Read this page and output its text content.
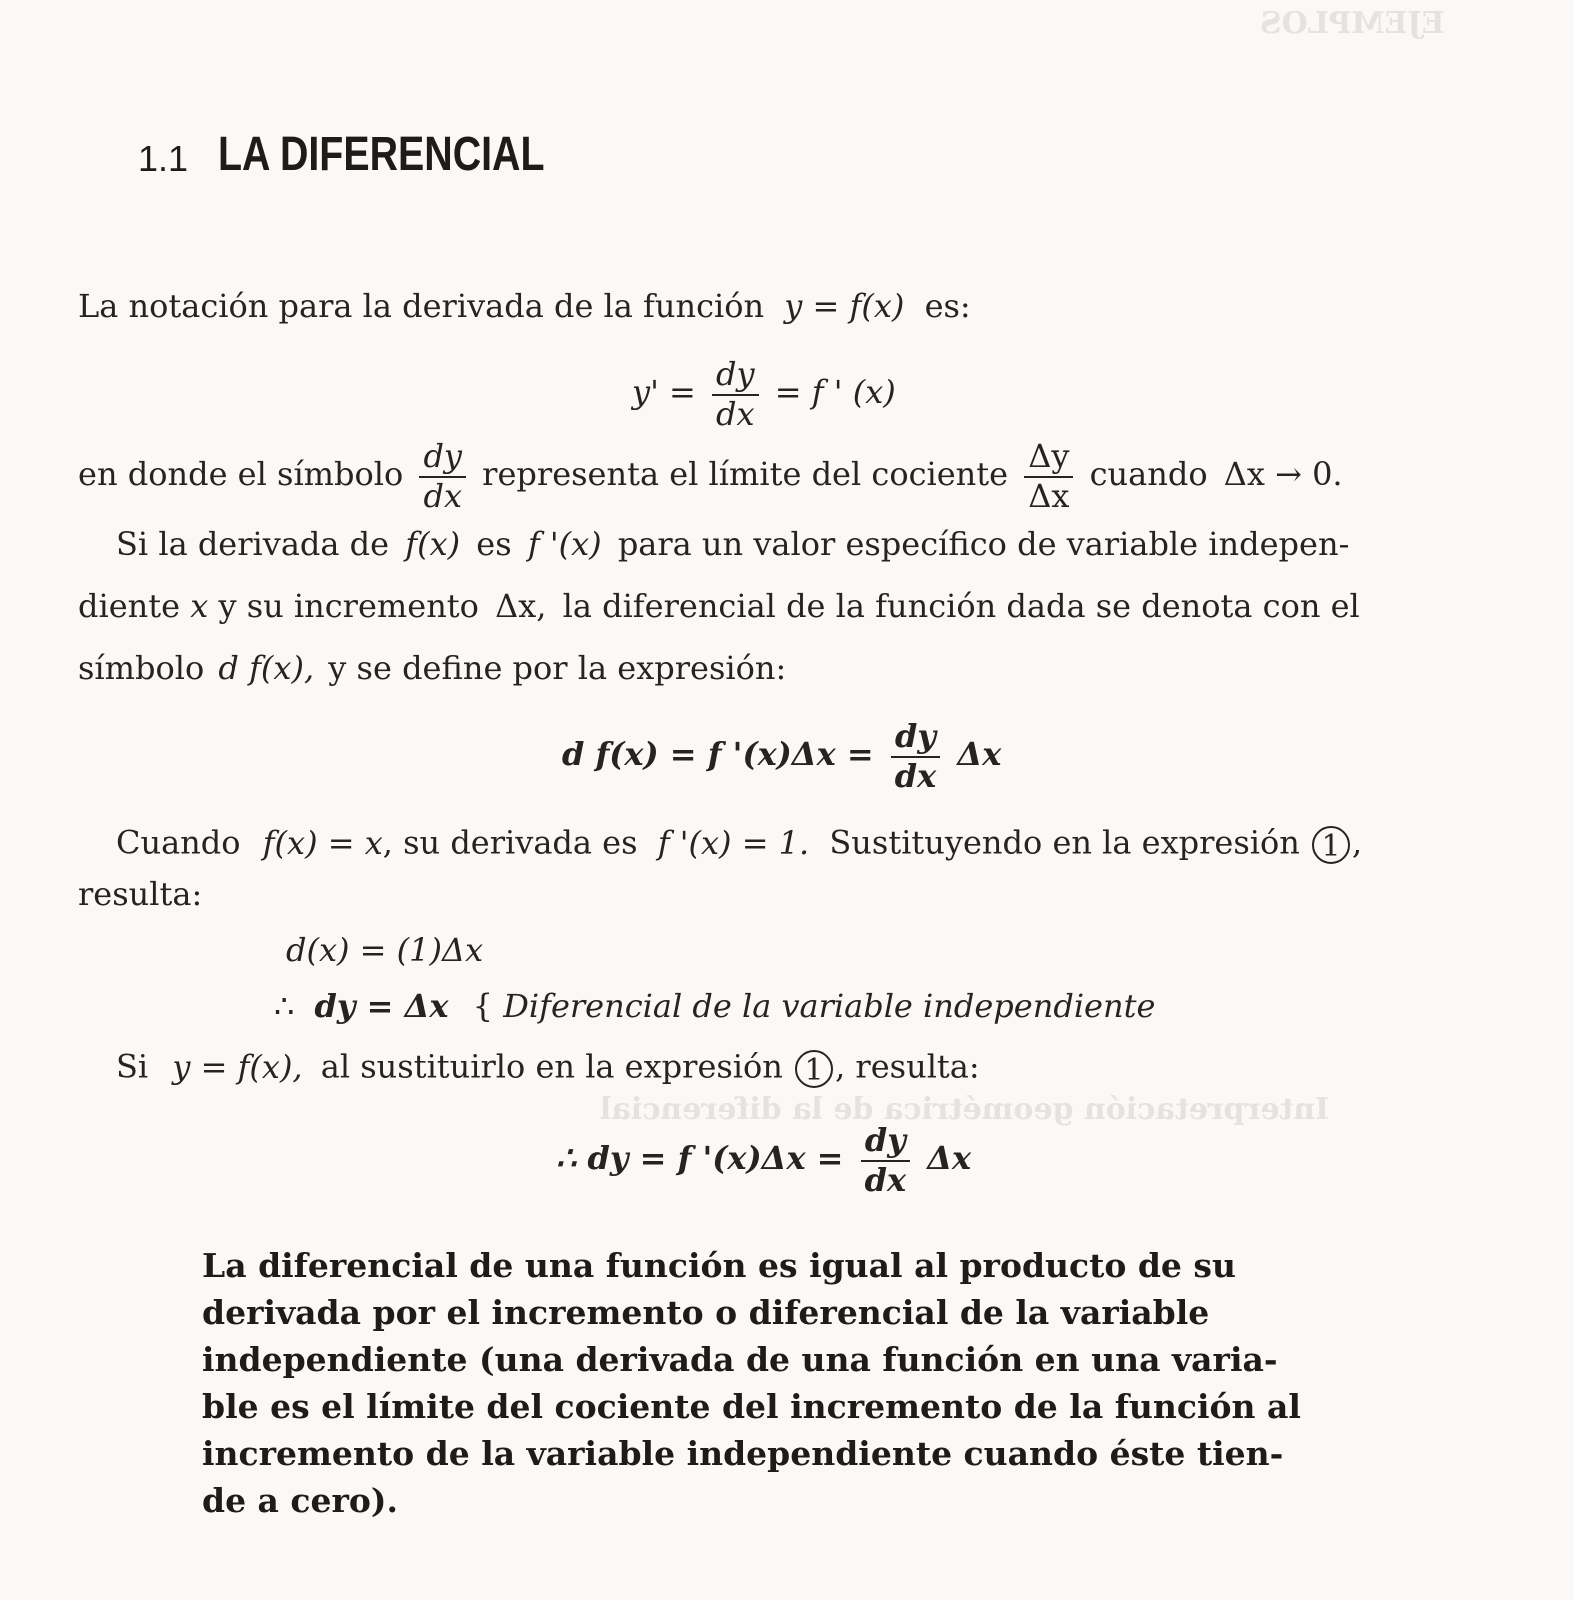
EJEMPLOS
Interpretación geométrica de la diferencial
1.1 LA DIFERENCIAL
La notación para la derivada de la función y = f(x) es:
$y' = \frac{dy}{dx} = f$ ' (x)
en donde el símbolo $\frac{dy}{dx}$ representa el límite del cociente $\frac{\Delta y}{\Delta x}$ cuando Δx → 0.
Si la derivada de f(x) es f '(x) para un valor específico de variable indepen-
diente x y su incremento Δx, la diferencial de la función dada se denota con el
símbolo d f(x), y se define por la expresión:
d f(x) = f '$(x)\Delta x = \frac{dy}{dx}$ Δx
Cuando f(x) = x, su derivada es f '(x) = 1. Sustituyendo en la expresión 1 ,
resulta:
d(x) = (1)Δx
∴ dy = Δx { Diferencial de la variable independiente
Si y = f(x), al sustituirlo en la expresión 1 , resulta:
∴ dy = f '$(x)\Delta x = \frac{dy}{dx}$ Δx
La diferencial de una función es igual al producto de su
derivada por el incremento o diferencial de la variable
independiente (una derivada de una función en una varia-
ble es el límite del cociente del incremento de la función al
incremento de la variable independiente cuando éste tien-
de a cero).
